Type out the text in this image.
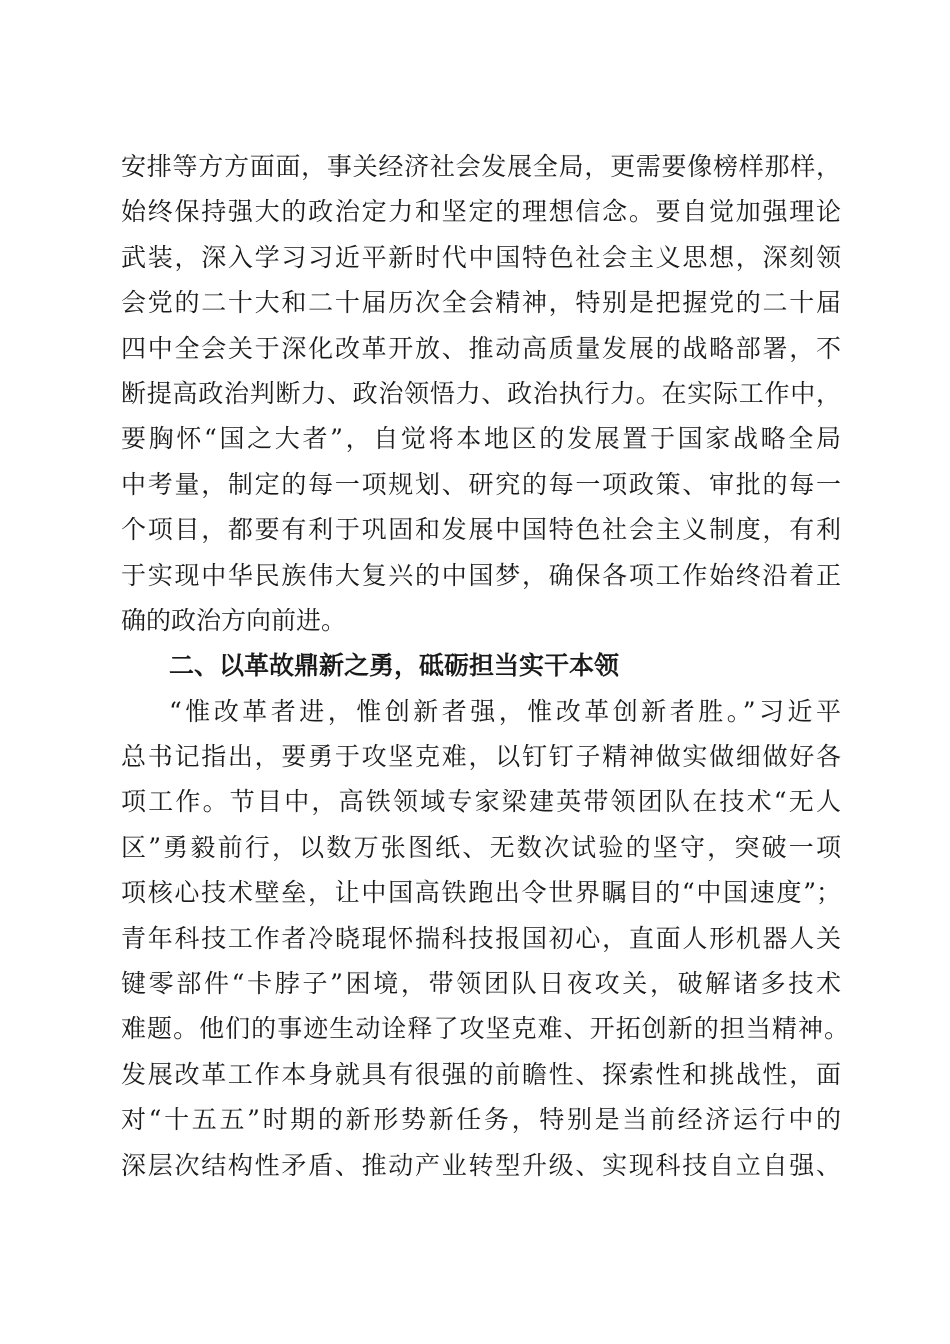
安排等方方面面，事关经济社会发展全局，更需要像榜样那样，
始终保持强大的政治定力和坚定的理想信念。要自觉加强理论
武装，深入学习习近平新时代中国特色社会主义思想，深刻领
会党的二十大和二十届历次全会精神，特别是把握党的二十届
四中全会关于深化改革开放、推动高质量发展的战略部署，不
断提高政治判断力、政治领悟力、政治执行力。在实际工作中，
要胸怀“国之大者”，自觉将本地区的发展置于国家战略全局
中考量，制定的每一项规划、研究的每一项政策、审批的每一
个项目，都要有利于巩固和发展中国特色社会主义制度，有利
于实现中华民族伟大复兴的中国梦，确保各项工作始终沿着正
确的政治方向前进。
二、以革故鼎新之勇，砥砺担当实干本领
“惟改革者进，惟创新者强，惟改革创新者胜。”习近平
总书记指出，要勇于攻坚克难，以钉钉子精神做实做细做好各
项工作。节目中，高铁领域专家梁建英带领团队在技术“无人
区”勇毅前行，以数万张图纸、无数次试验的坚守，突破一项
项核心技术壁垒，让中国高铁跑出令世界瞩目的“中国速度”；
青年科技工作者冷晓琨怀揣科技报国初心，直面人形机器人关
键零部件“卡脖子”困境，带领团队日夜攻关，破解诸多技术
难题。他们的事迹生动诠释了攻坚克难、开拓创新的担当精神。
发展改革工作本身就具有很强的前瞻性、探索性和挑战性，面
对“十五五”时期的新形势新任务，特别是当前经济运行中的
深层次结构性矛盾、推动产业转型升级、实现科技自立自强、
